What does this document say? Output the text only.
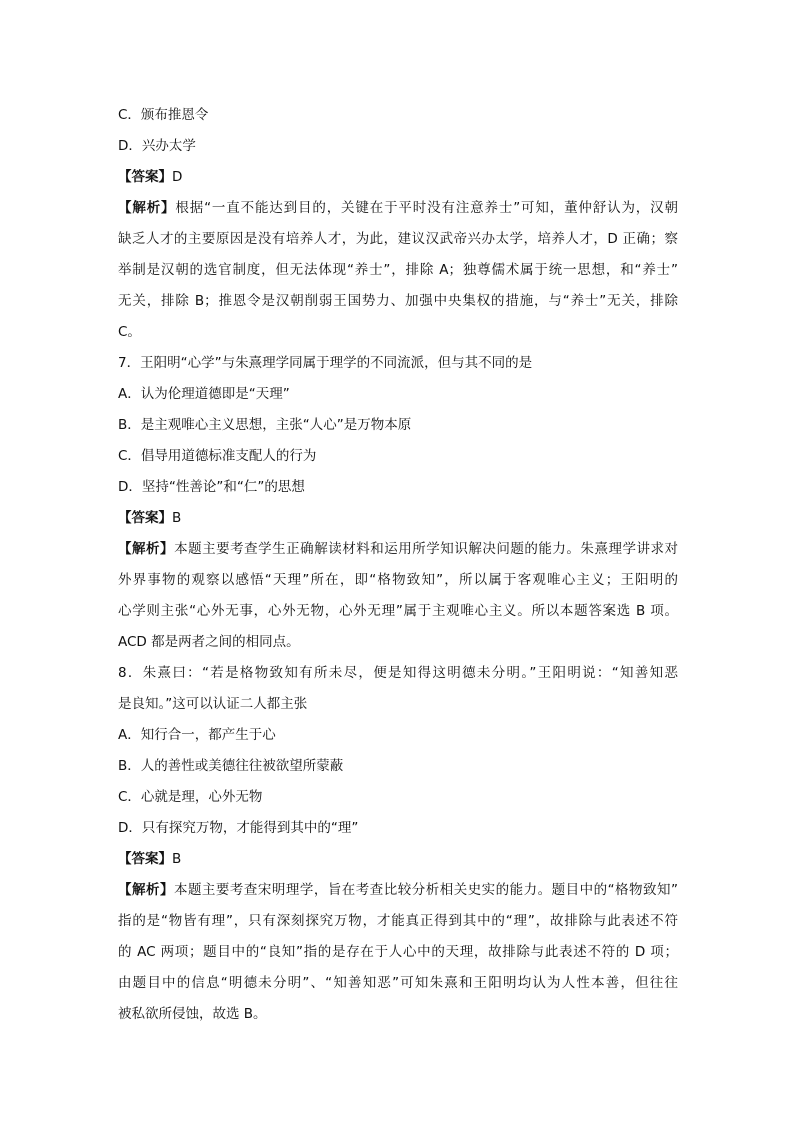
C．颁布推恩令
D．兴办太学
【答案】D
【解析】根据“一直不能达到目的，关键在于平时没有注意养士”可知，董仲舒认为，汉朝
缺乏人才的主要原因是没有培养人才，为此，建议汉武帝兴办太学，培养人才，D 正确；察
举制是汉朝的选官制度，但无法体现“养士”，排除 A；独尊儒术属于统一思想，和“养士”
无关，排除 B；推恩令是汉朝削弱王国势力、加强中央集权的措施，与“养士”无关，排除
C。
7．王阳明“心学”与朱熹理学同属于理学的不同流派，但与其不同的是
A．认为伦理道德即是“天理”
B．是主观唯心主义思想，主张“人心”是万物本原
C．倡导用道德标准支配人的行为
D．坚持“性善论”和“仁”的思想
【答案】B
【解析】本题主要考查学生正确解读材料和运用所学知识解决问题的能力。朱熹理学讲求对
外界事物的观察以感悟“天理”所在，即“格物致知”，所以属于客观唯心主义；王阳明的
心学则主张“心外无事，心外无物，心外无理”属于主观唯心主义。所以本题答案选 B 项。
ACD 都是两者之间的相同点。
8．朱熹曰：“若是格物致知有所未尽，便是知得这明德未分明。”王阳明说：“知善知恶
是良知。”这可以认证二人都主张
A．知行合一，都产生于心
B．人的善性或美德往往被欲望所蒙蔽
C．心就是理，心外无物
D．只有探究万物，才能得到其中的“理”
【答案】B
【解析】本题主要考查宋明理学，旨在考查比较分析相关史实的能力。题目中的“格物致知”
指的是“物皆有理”，只有深刻探究万物，才能真正得到其中的“理”，故排除与此表述不符
的 AC 两项；题目中的“良知”指的是存在于人心中的天理，故排除与此表述不符的 D 项；
由题目中的信息“明德未分明”、“知善知恶”可知朱熹和王阳明均认为人性本善，但往往
被私欲所侵蚀，故选 B。
